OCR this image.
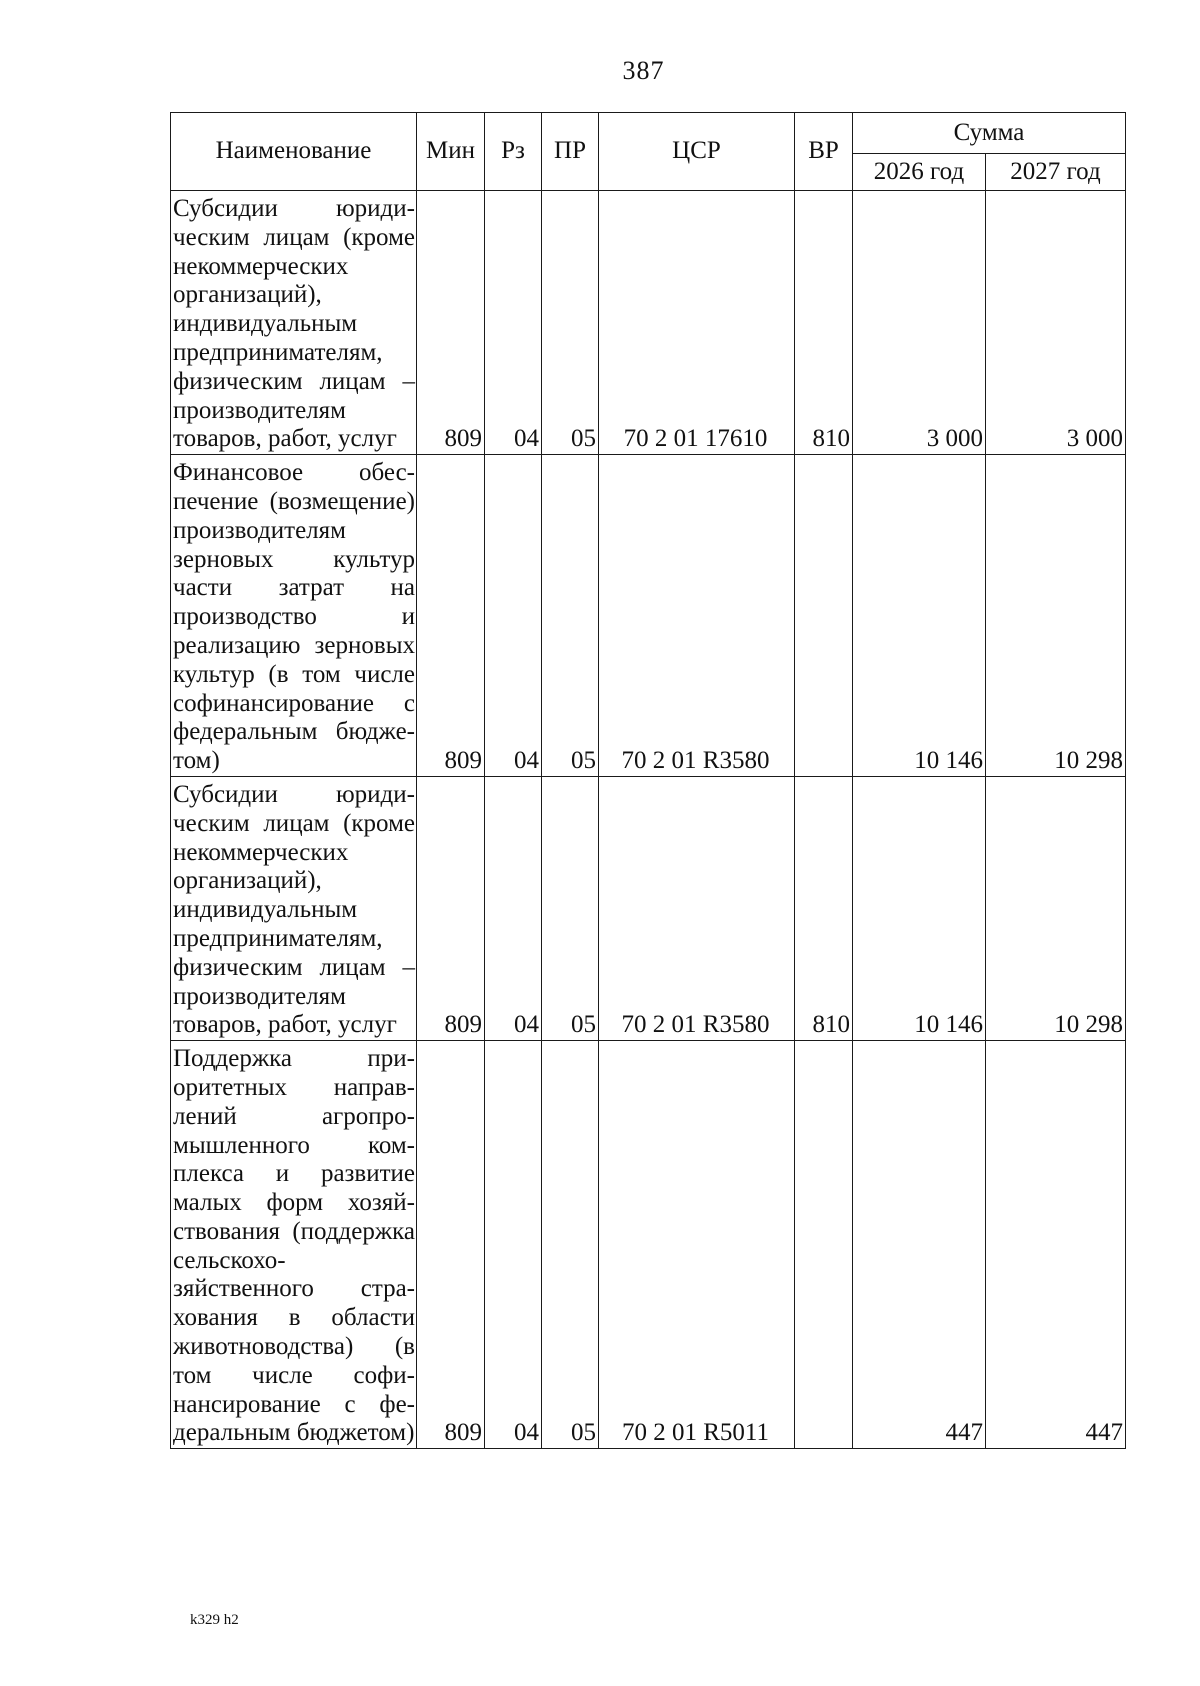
387
Наименование	Мин	Рз	ПР	ЦСР	ВР	Сумма	
						2026 год	2027 год
Субсидии юридическим лицам (кроме некоммерческих организаций), индивидуальным предпринимателям, физическим лицам – производителям товаров, работ, услуг	809	04	05	70 2 01 17610	810	3 000	3 000
Финансовое обеспечение (возмещение) производителям зерновых культур части затрат на производство и реализацию зерновых культур (в том числе софинансирование с федеральным бюджетом)	809	04	05	70 2 01 R3580		10 146	10 298
Субсидии юридическим лицам (кроме некоммерческих организаций), индивидуальным предпринимателям, физическим лицам – производителям товаров, работ, услуг	809	04	05	70 2 01 R3580	810	10 146	10 298
Поддержка приоритетных направлений агропромышленного комплекса и развитие малых форм хозяйствования (поддержка сельскохозяйственного страхования в области животноводства) (в том числе софинансирование с федеральным бюджетом)	809	04	05	70 2 01 R5011		447	447
k329 h2
